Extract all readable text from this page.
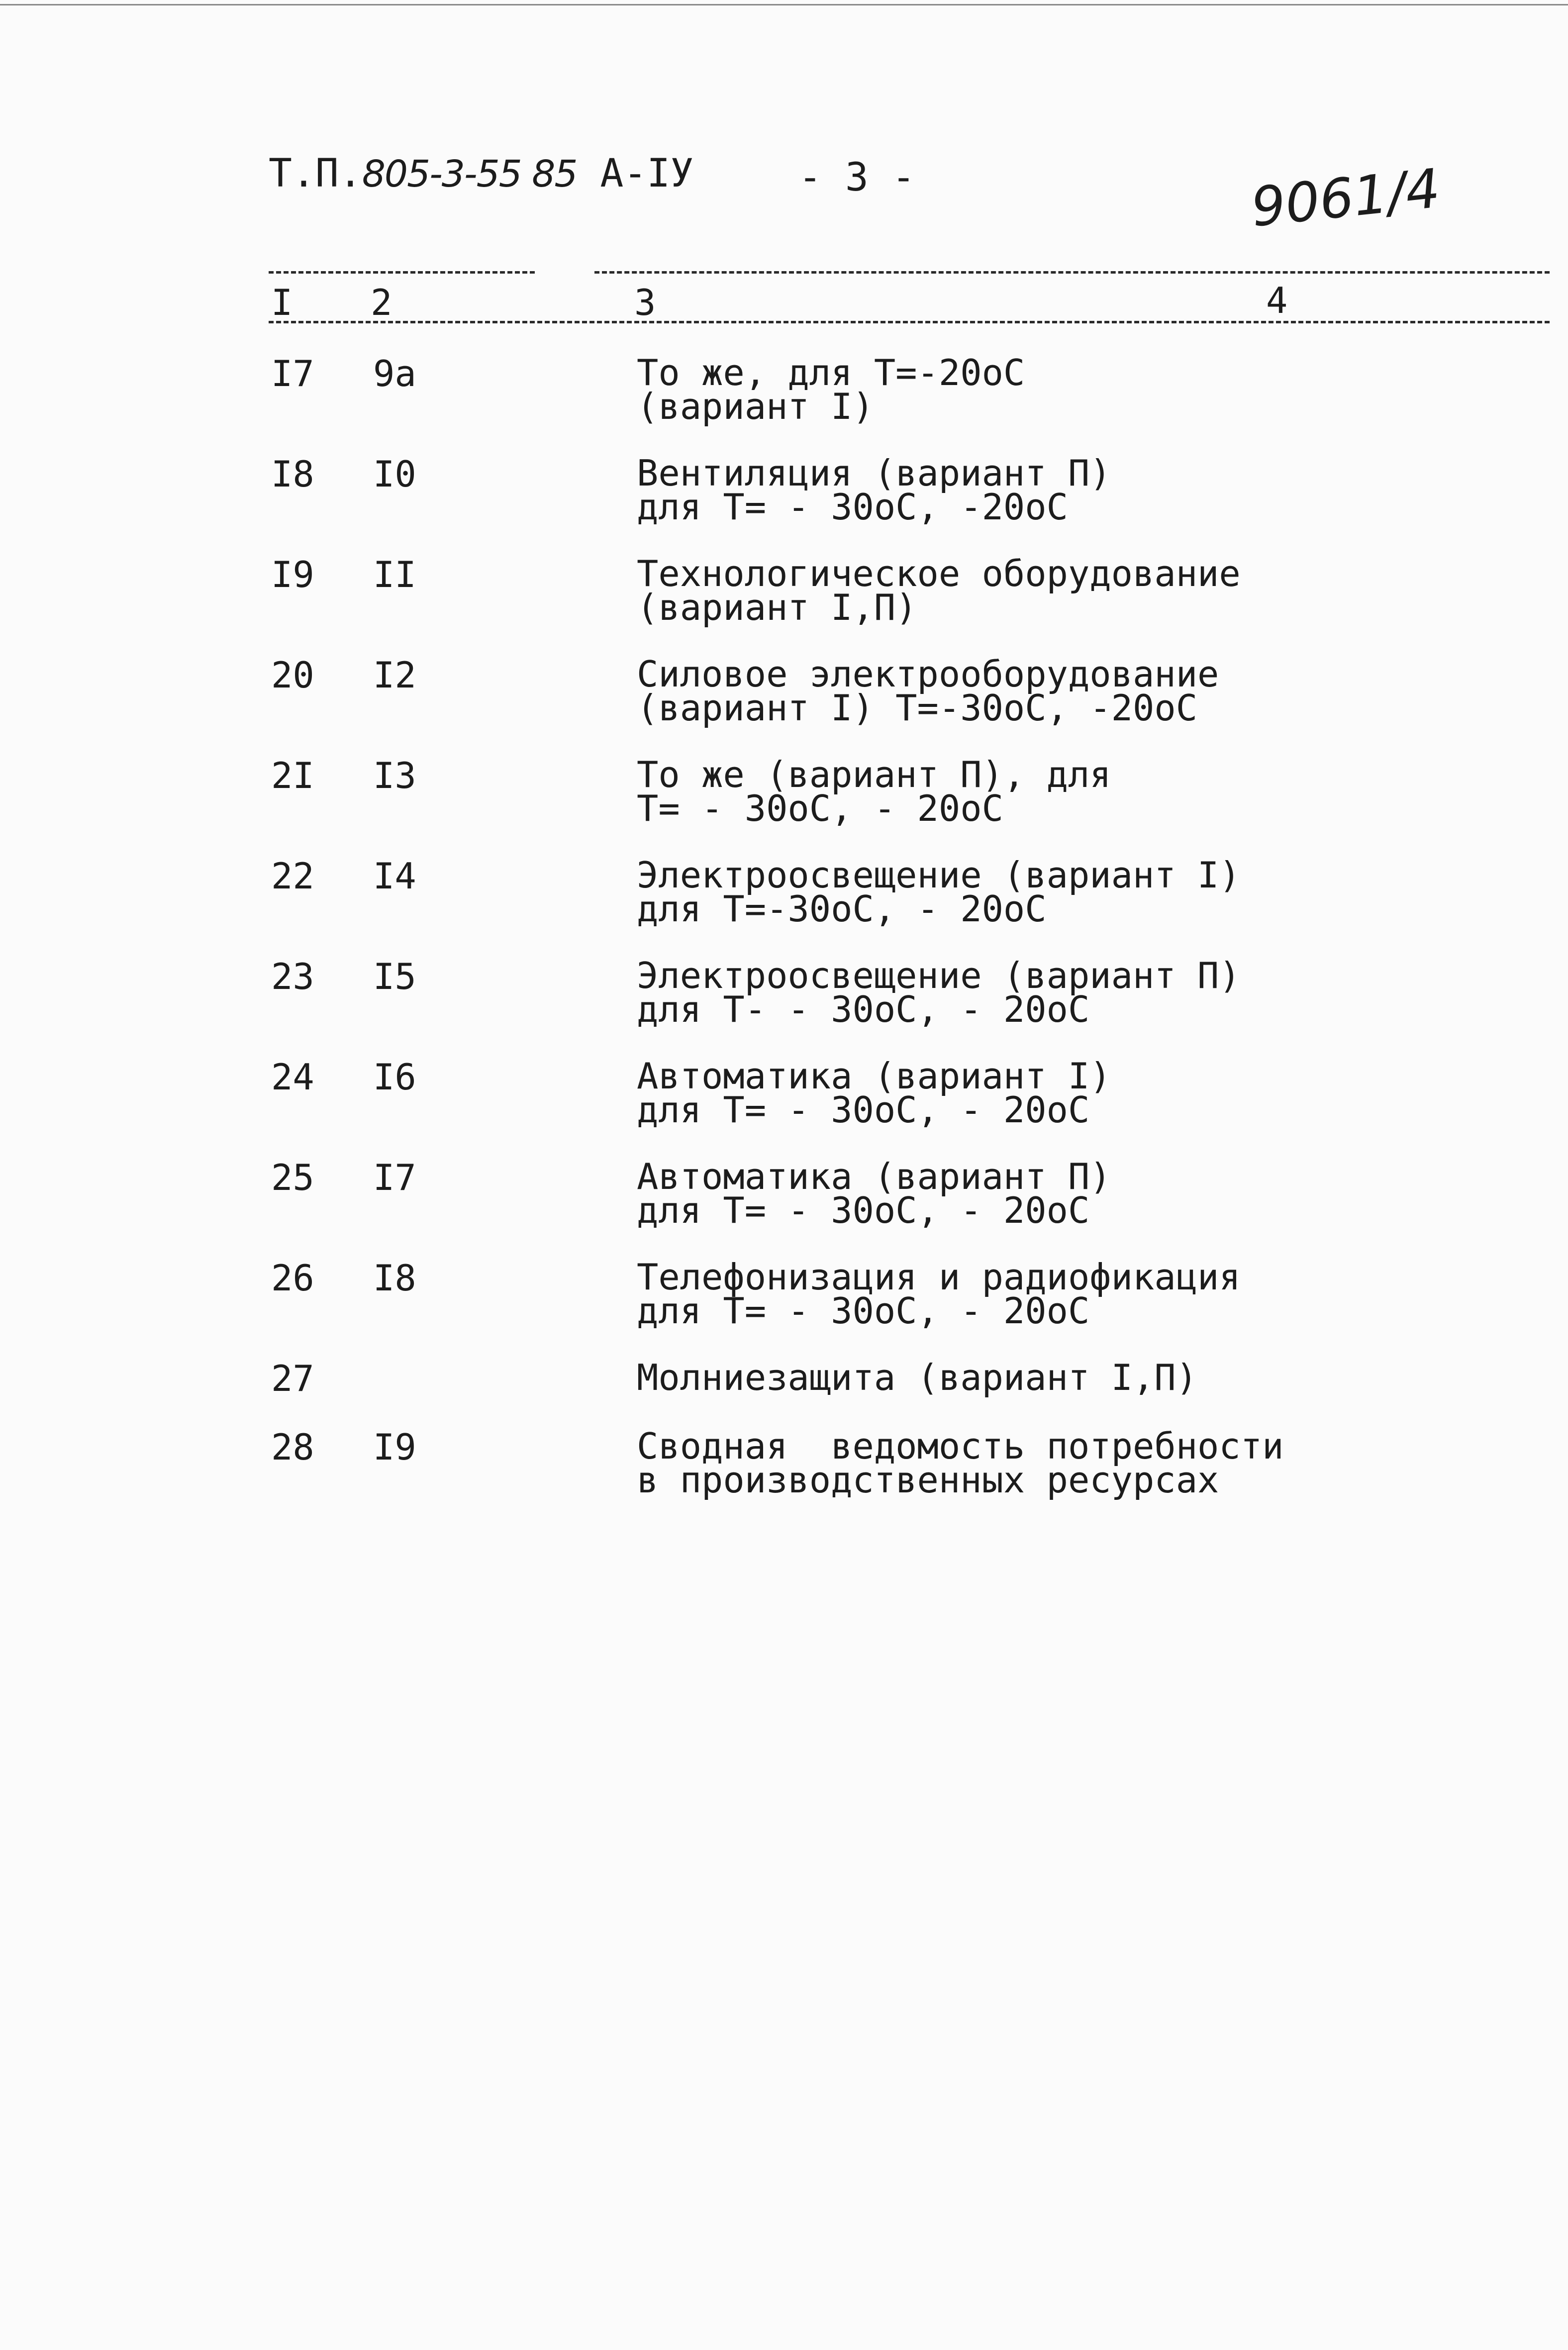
Т.П.805-3-55 85 А-IУ	- 3 -	9061/4
I 2	3	4
I7 9а	То же, для Т=-20оС
(вариант I)
I8 I0	Вентиляция (вариант П)
для Т= - 30оС, -20оС
I9 II	Технологическое оборудование
(вариант I,П)
20 I2	Силовое электрооборудование
(вариант I) Т=-30оС, -20оС
2I I3	То же (вариант П), для
Т= - 30оС, - 20оС
22 I4	Электроосвещение (вариант I)
для Т=-30оС, - 20оС
23 I5	Электроосвещение (вариант П)
для Т- - 30оС, - 20оС
24 I6	Автоматика (вариант I)
для Т= - 30оС, - 20оС
25 I7	Автоматика (вариант П)
для Т= - 30оС, - 20оС
26 I8	Телефонизация и радиофикация
для Т= - 30оС, - 20оС
27	Молниезащита (вариант I,П)
28 I9	Сводная  ведомость потребности
в производственных ресурсах
